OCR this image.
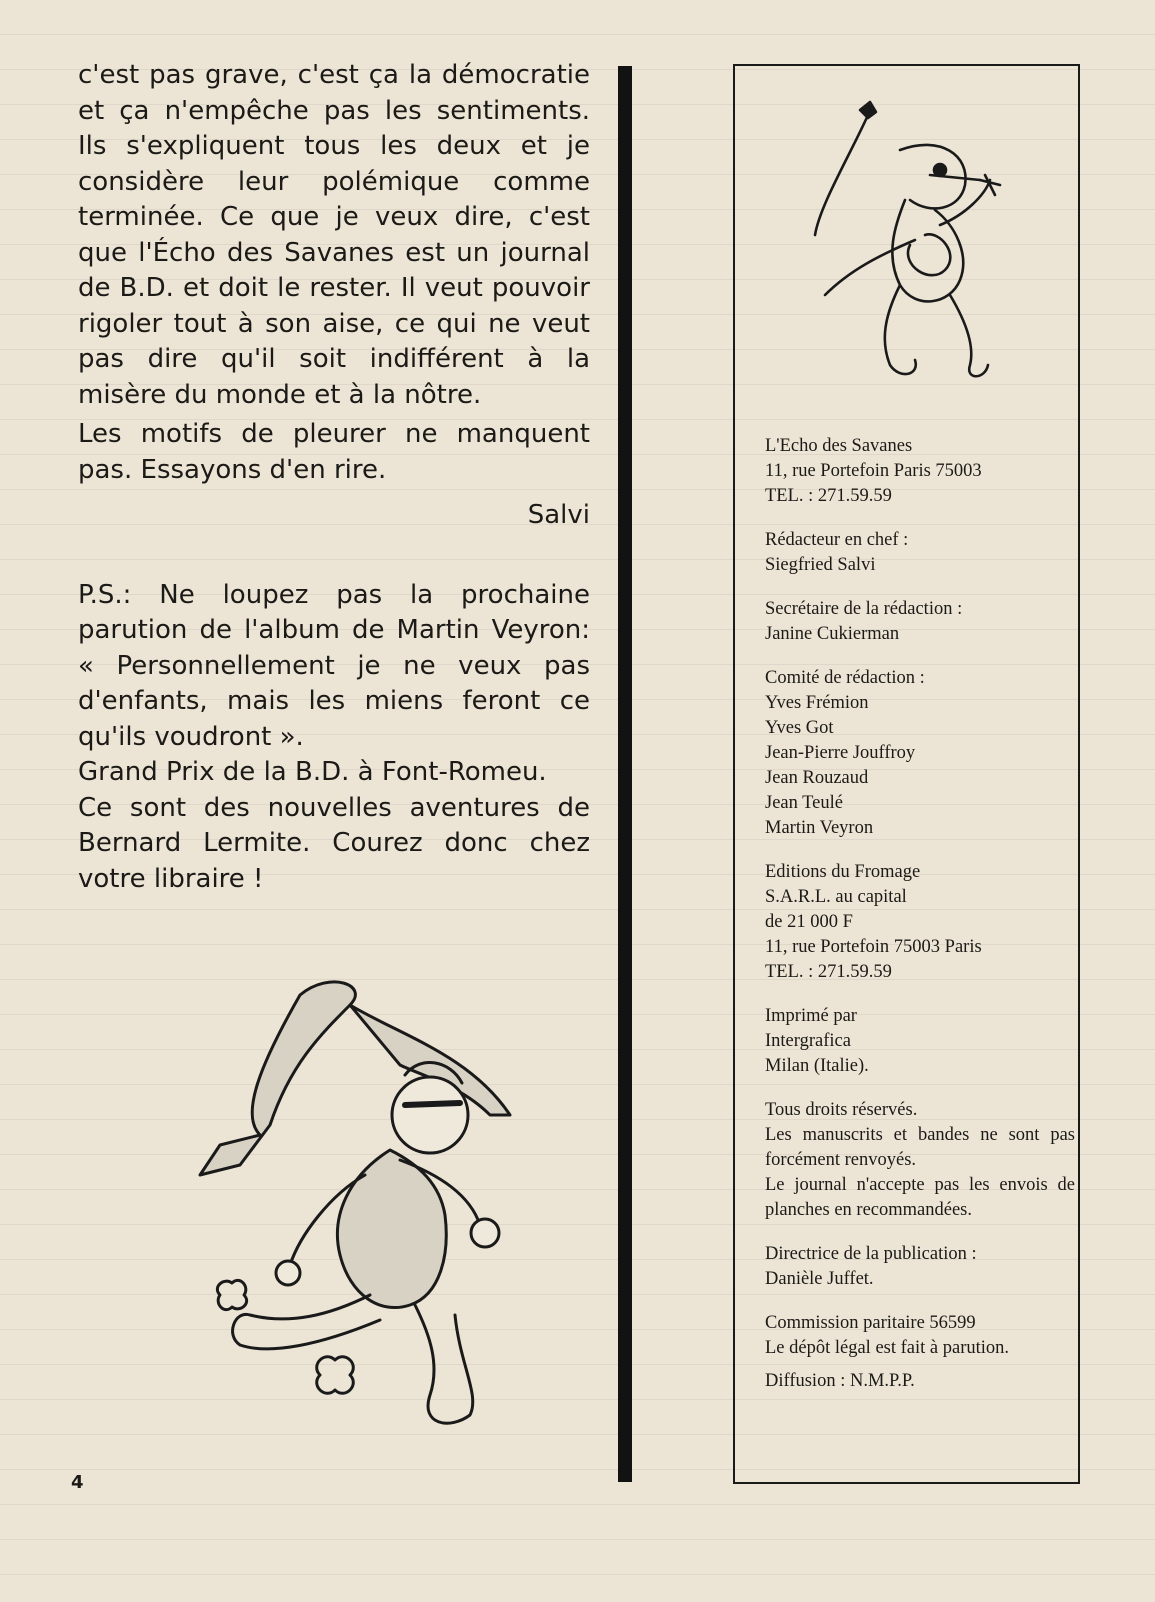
c'est pas grave, c'est ça la démocratie et ça n'empêche pas les sentiments. Ils s'expliquent tous les deux et je considère leur polémique comme terminée. Ce que je veux dire, c'est que l'Écho des Savanes est un journal de B.D. et doit le rester. Il veut pouvoir rigoler tout à son aise, ce qui ne veut pas dire qu'il soit indifférent à la misère du monde et à la nôtre.

Les motifs de pleurer ne manquent pas. Essayons d'en rire.

Salvi

P.S.: Ne loupez pas la prochaine parution de l'album de Martin Veyron: « Personnellement je ne veux pas d'enfants, mais les miens feront ce qu'ils voudront ».

Grand Prix de la B.D. à Font-Romeu.

Ce sont des nouvelles aventures de Bernard Lermite. Courez donc chez votre libraire !

L'Echo des Savanes
11, rue Portefoin Paris 75003
TEL. : 271.59.59
Rédacteur en chef :
Siegfried Salvi
Secrétaire de la rédaction :
Janine Cukierman
Comité de rédaction :
Yves Frémion
Yves Got
Jean-Pierre Jouffroy
Jean Rouzaud
Jean Teulé
Martin Veyron
Editions du Fromage
S.A.R.L. au capital
de 21 000 F
11, rue Portefoin 75003 Paris
TEL. : 271.59.59
Imprimé par
Intergrafica
Milan (Italie).
Tous droits réservés.
Les manuscrits et bandes ne sont pas forcément renvoyés.
Le journal n'accepte pas les envois de planches en recommandées.
Directrice de la publication :
Danièle Juffet.
Commission paritaire 56599
Le dépôt légal est fait à parution.
Diffusion : N.M.P.P.
4
